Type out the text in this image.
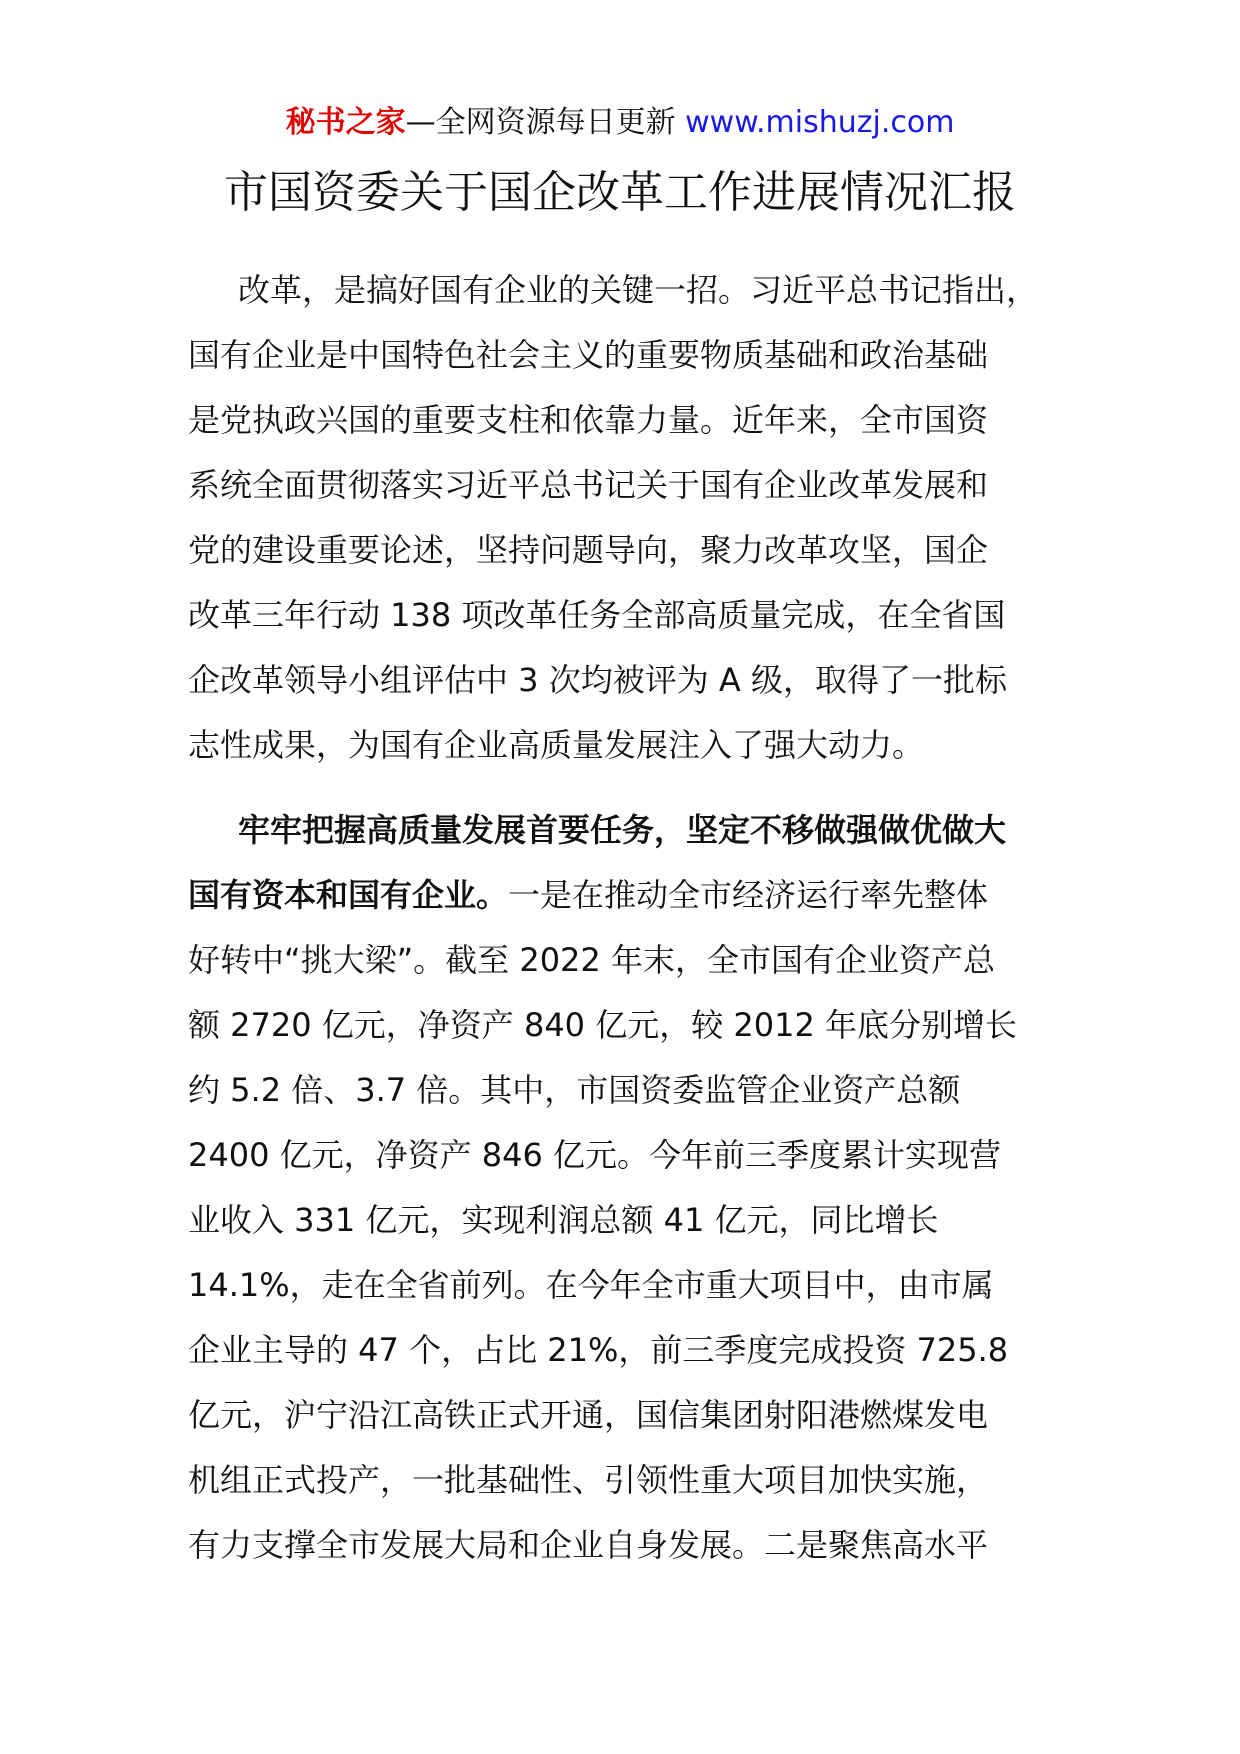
秘书之家—全网资源每日更新 www.mishuzj.com
市国资委关于国企改革工作进展情况汇报
改革，是搞好国有企业的关键一招。习近平总书记指出，
国有企业是中国特色社会主义的重要物质基础和政治基础
是党执政兴国的重要支柱和依靠力量。近年来，全市国资
系统全面贯彻落实习近平总书记关于国有企业改革发展和
党的建设重要论述，坚持问题导向，聚力改革攻坚，国企
改革三年行动 138 项改革任务全部高质量完成，在全省国
企改革领导小组评估中 3 次均被评为 A 级，取得了一批标
志性成果，为国有企业高质量发展注入了强大动力。
牢牢把握高质量发展首要任务，坚定不移做强做优做大
国有资本和国有企业。一是在推动全市经济运行率先整体
好转中“挑大梁”。截至 2022 年末，全市国有企业资产总
额 2720 亿元，净资产 840 亿元，较 2012 年底分别增长
约 5.2 倍、3.7 倍。其中，市国资委监管企业资产总额
2400 亿元，净资产 846 亿元。今年前三季度累计实现营
业收入 331 亿元，实现利润总额 41 亿元，同比增长
14.1%，走在全省前列。在今年全市重大项目中，由市属
企业主导的 47 个，占比 21%，前三季度完成投资 725.8
亿元，沪宁沿江高铁正式开通，国信集团射阳港燃煤发电
机组正式投产，一批基础性、引领性重大项目加快实施，
有力支撑全市发展大局和企业自身发展。二是聚焦高水平
